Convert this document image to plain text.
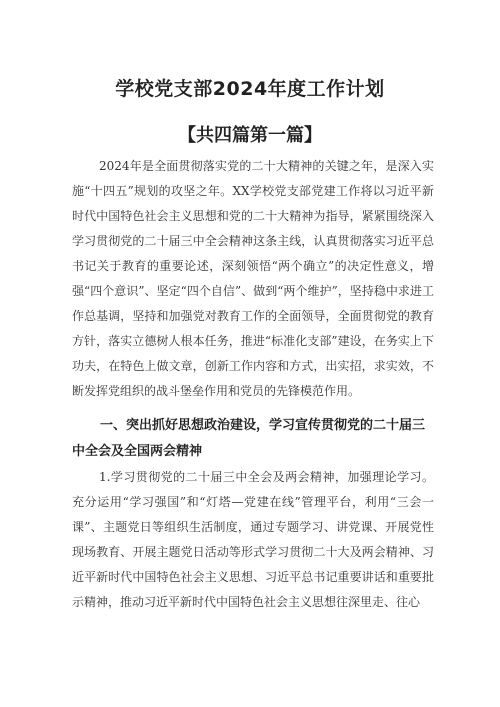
学校党支部2024年度工作计划
【共四篇第一篇】

2024年是全面贯彻落实党的二十大精神的关键之年，是深入实施“十四五”规划的攻坚之年。XX学校党支部党建工作将以习近平新时代中国特色社会主义思想和党的二十大精神为指导，紧紧围绕深入学习贯彻党的二十届三中全会精神这条主线，认真贯彻落实习近平总书记关于教育的重要论述，深刻领悟“两个确立”的决定性意义，增强“四个意识”、坚定“四个自信”、做到“两个维护”，坚持稳中求进工作总基调，坚持和加强党对教育工作的全面领导，全面贯彻党的教育方针，落实立德树人根本任务，推进“标准化支部”建设，在务实上下功夫，在特色上做文章，创新工作内容和方式，出实招，求实效，不断发挥党组织的战斗堡垒作用和党员的先锋模范作用。

一、突出抓好思想政治建设，学习宣传贯彻党的二十届三中全会及全国两会精神

1.学习贯彻党的二十届三中全会及两会精神，加强理论学习。充分运用“学习强国”和“灯塔—党建在线”管理平台，利用“三会一课”、主题党日等组织生活制度，通过专题学习、讲党课、开展党性现场教育、开展主题党日活动等形式学习贯彻二十大及两会精神、习近平新时代中国特色社会主义思想、习近平总书记重要讲话和重要批示精神，推动习近平新时代中国特色社会主义思想往深里走、往心
